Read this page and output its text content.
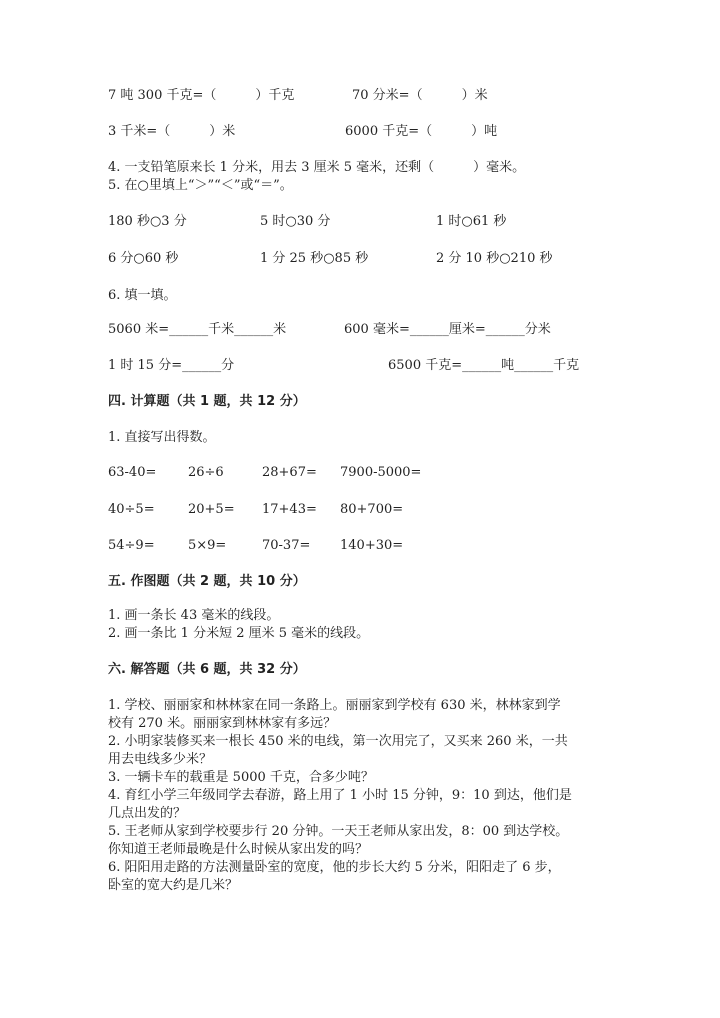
7 吨 300 千克=（　　　）千克	70 分米=（　　　）米
3 千米=（　　　）米	6000 千克=（　　　）吨
4. 一支铅笔原来长 1 分米，用去 3 厘米 5 毫米，还剩（　　　）毫米。
5. 在○里填上“＞”“＜”或“＝”。
180 秒○3 分	5 时○30 分	1 时○61 秒
6 分○60 秒	1 分 25 秒○85 秒	2 分 10 秒○210 秒
6. 填一填。
5060 米=______千米______米	600 毫米=______厘米=______分米
1 时 15 分=______分	6500 千克=______吨______千克
四. 计算题（共 1 题，共 12 分）
1. 直接写出得数。
63-40= 26÷6	28+67= 7900-5000=
40÷5=	20+5= 17+43= 80+700=
54÷9=	5×9=	70-37= 140+30=
五. 作图题（共 2 题，共 10 分）
1. 画一条长 43 毫米的线段。
2. 画一条比 1 分米短 2 厘米 5 毫米的线段。
六. 解答题（共 6 题，共 32 分）
1. 学校、丽丽家和林林家在同一条路上。丽丽家到学校有 630 米，林林家到学
校有 270 米。丽丽家到林林家有多远？
2. 小明家装修买来一根长 450 米的电线，第一次用完了，又买来 260 米，一共
用去电线多少米？
3. 一辆卡车的载重是 5000 千克，合多少吨？
4. 育红小学三年级同学去春游，路上用了 1 小时 15 分钟，9：10 到达，他们是
几点出发的？
5. 王老师从家到学校要步行 20 分钟。一天王老师从家出发，8：00 到达学校。
你知道王老师最晚是什么时候从家出发的吗？
6. 阳阳用走路的方法测量卧室的宽度，他的步长大约 5 分米，阳阳走了 6 步，
卧室的宽大约是几米？
